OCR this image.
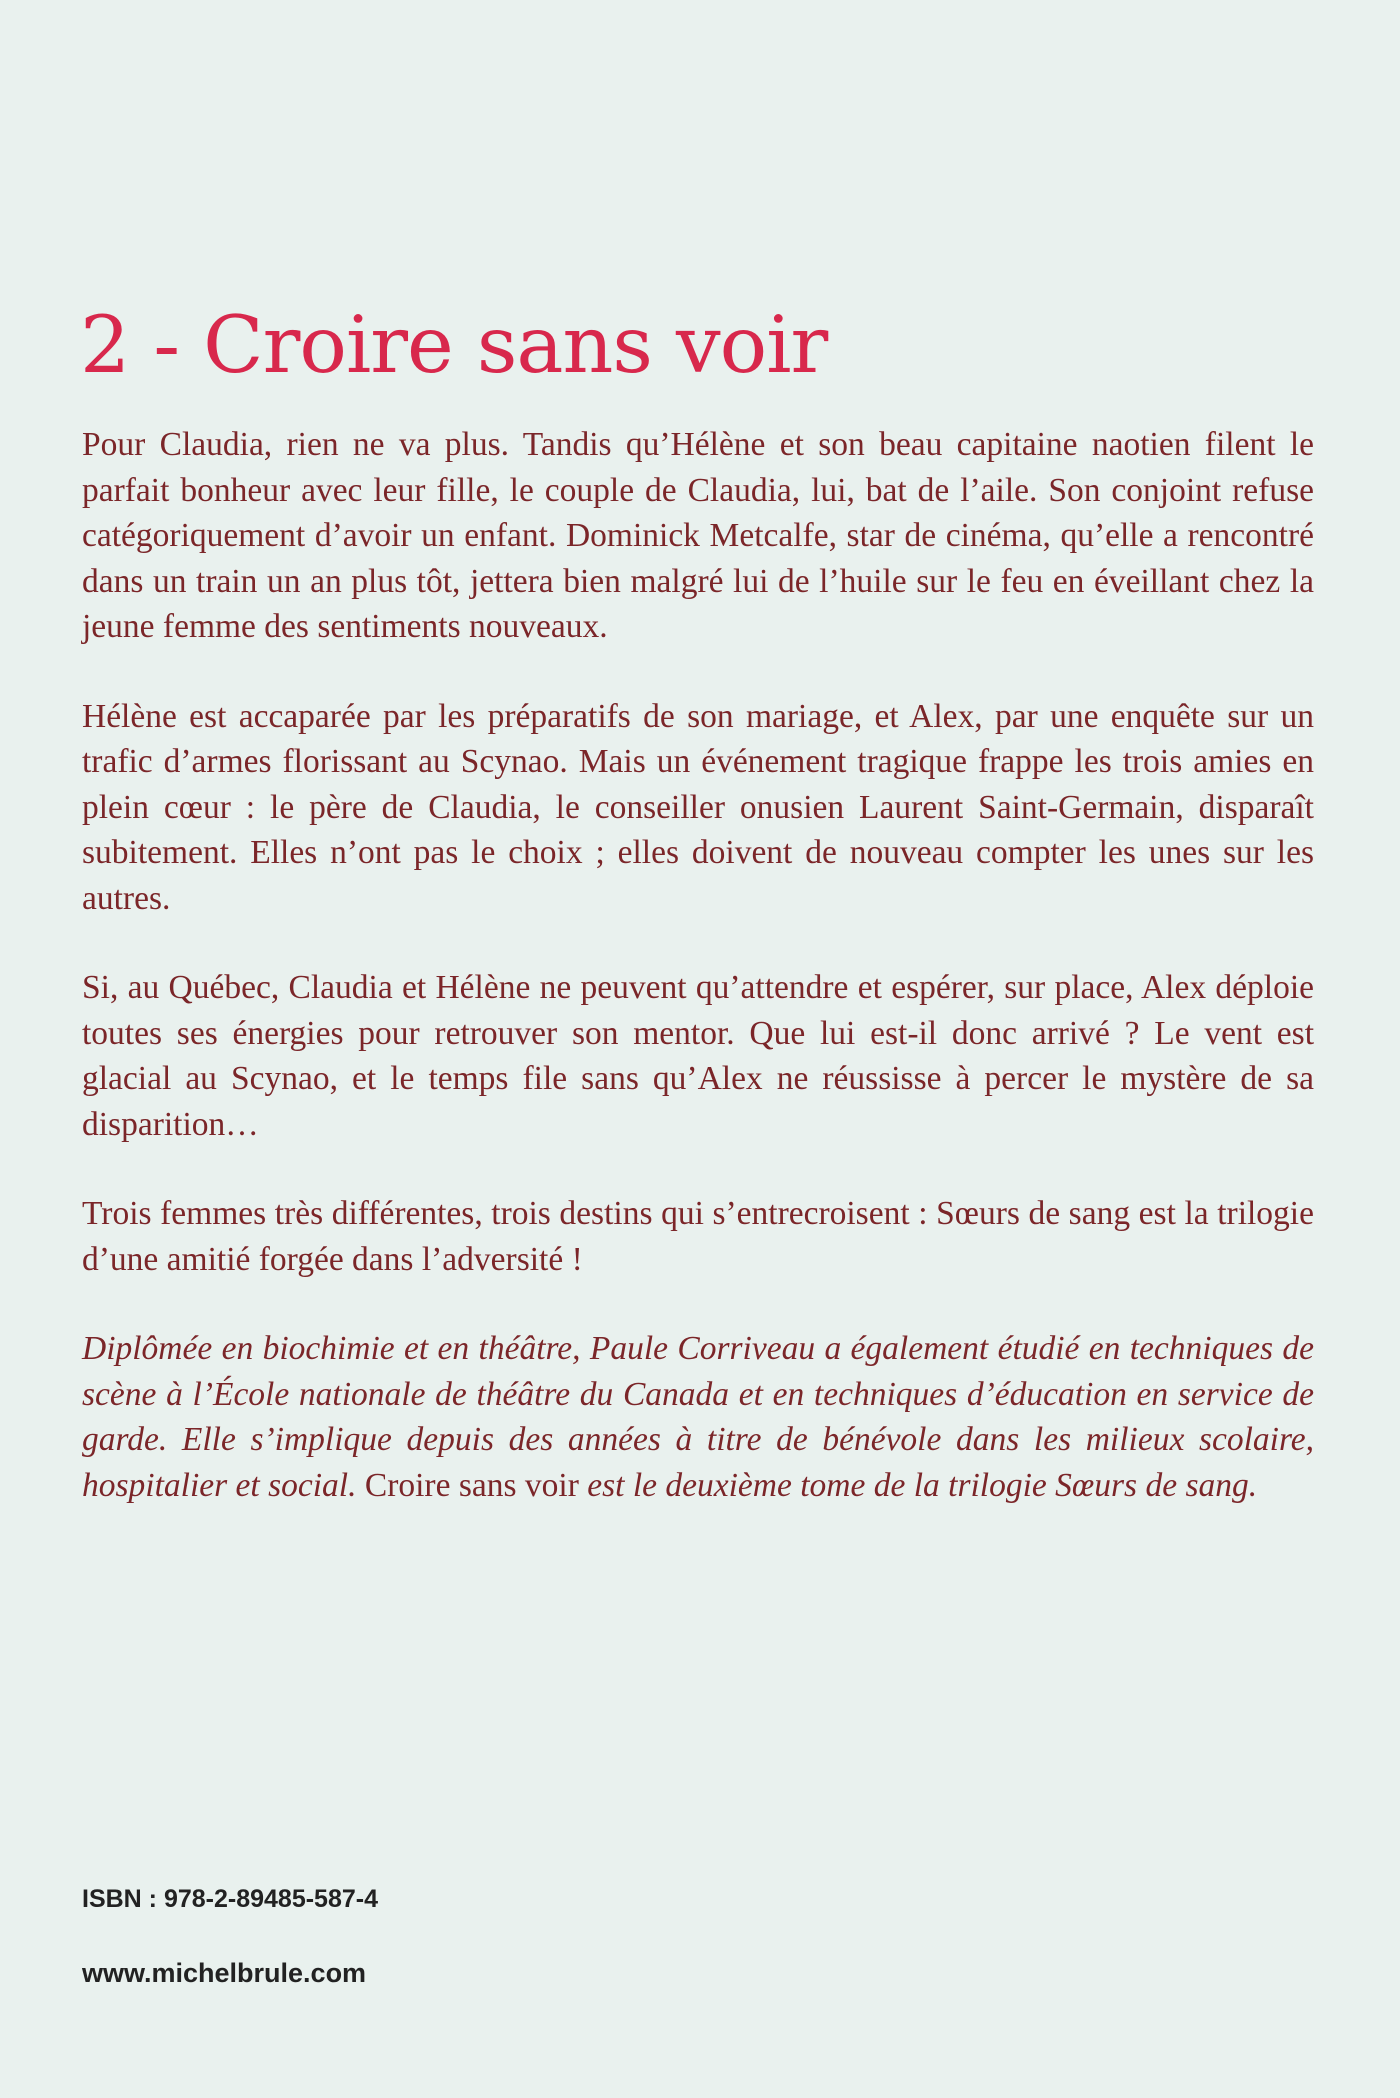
2 - Croire sans voir

Pour Claudia, rien ne va plus. Tandis qu’Hélène et son beau capitaine naotien filent le parfait bonheur avec leur fille, le couple de Claudia, lui, bat de l’aile. Son conjoint refuse catégoriquement d’avoir un enfant. Dominick Metcalfe, star de cinéma, qu’elle a rencontré dans un train un an plus tôt, jettera bien malgré lui de l’huile sur le feu en éveillant chez la jeune femme des sentiments nouveaux.

Hélène est accaparée par les préparatifs de son mariage, et Alex, par une enquête sur un trafic d’armes florissant au Scynao. Mais un événement tragique frappe les trois amies en plein cœur : le père de Claudia, le conseiller onusien Laurent Saint-Germain, disparaît subitement. Elles n’ont pas le choix ; elles doivent de nouveau compter les unes sur les autres.

Si, au Québec, Claudia et Hélène ne peuvent qu’attendre et espérer, sur place, Alex déploie toutes ses énergies pour retrouver son mentor. Que lui est-il donc arrivé ? Le vent est glacial au Scynao, et le temps file sans qu’Alex ne réussisse à percer le mystère de sa disparition…

Trois femmes très différentes, trois destins qui s’entrecroisent : Sœurs de sang est la trilogie d’une amitié forgée dans l’adversité !

Diplômée en biochimie et en théâtre, Paule Corriveau a également étudié en techniques de scène à l’École nationale de théâtre du Canada et en techniques d’éducation en service de garde. Elle s’implique depuis des années à titre de bénévole dans les milieux scolaire, hospitalier et social. Croire sans voir est le deuxième tome de la trilogie Sœurs de sang.

ISBN : 978-2-89485-587-4
www.michelbrule.com
